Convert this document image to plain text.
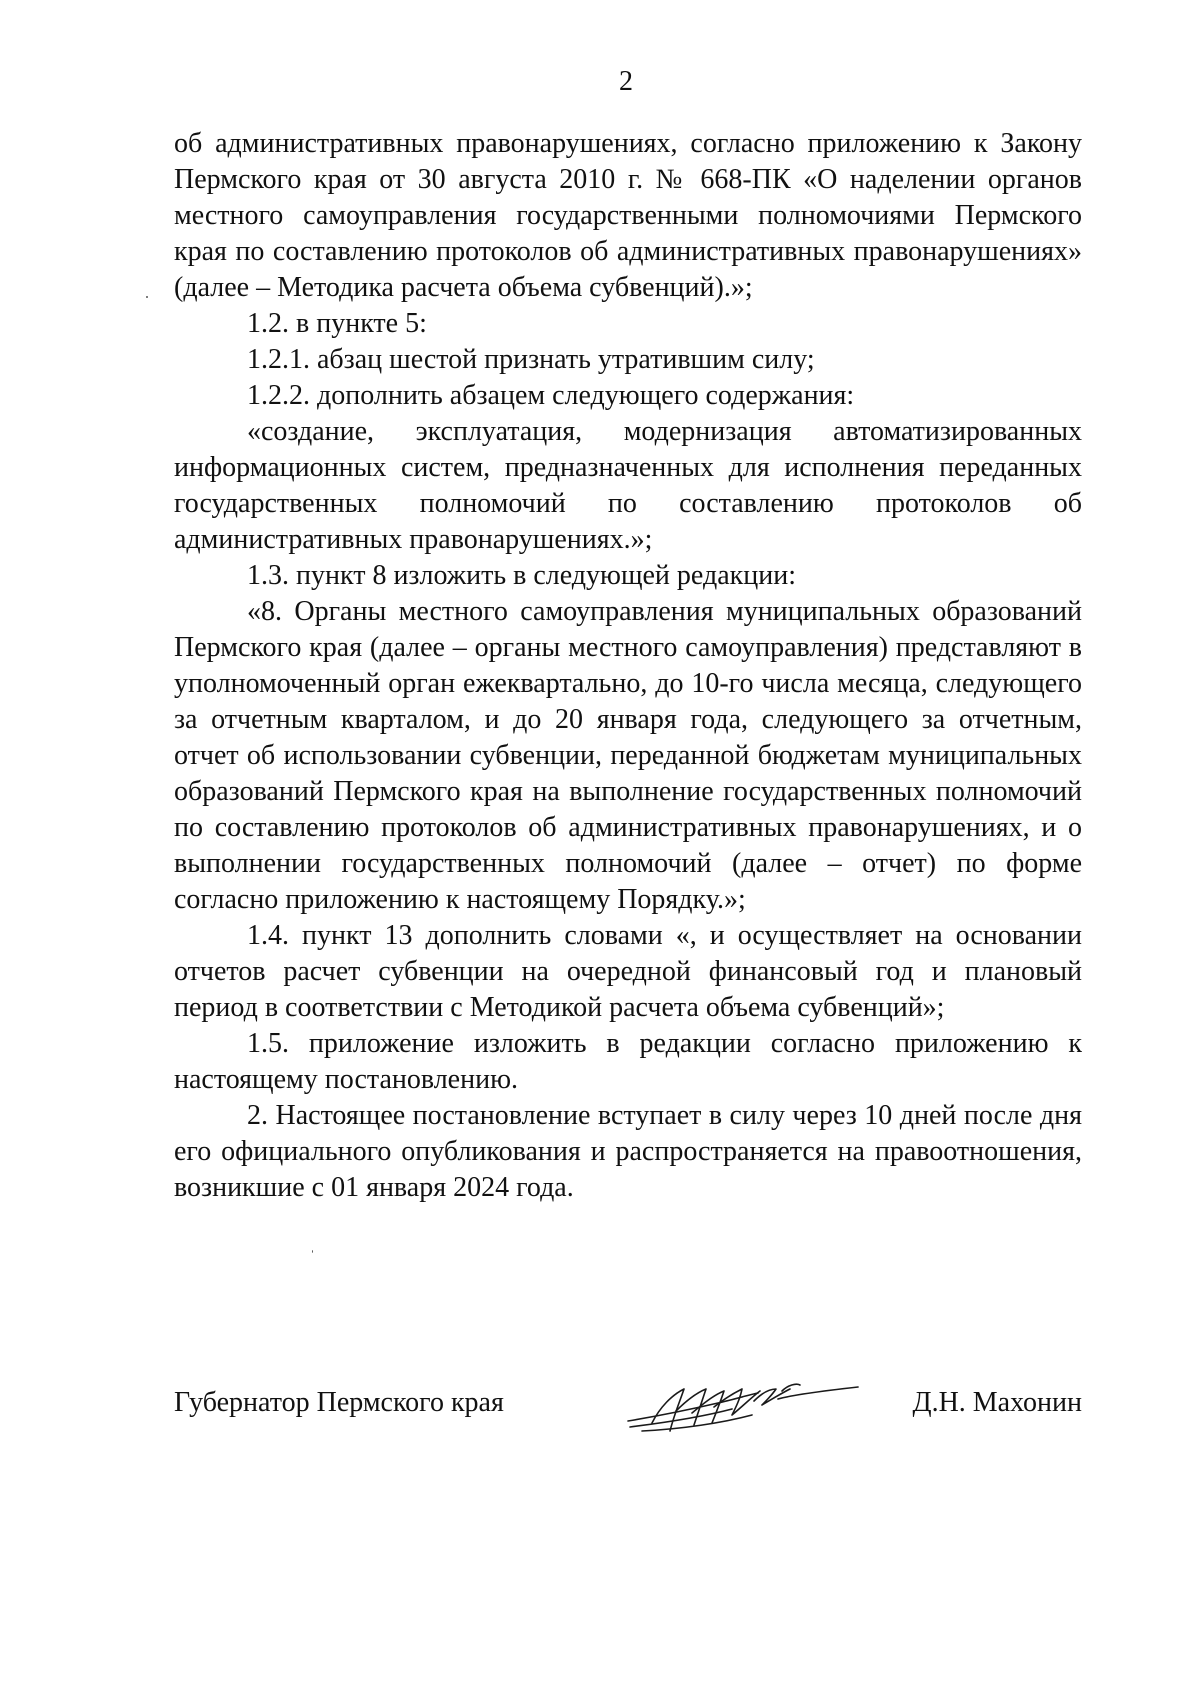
2

об административных правонарушениях, согласно приложению к Закону Пермского края от 30 августа 2010 г. № 668-ПК «О наделении органов местного самоуправления государственными полномочиями Пермского края по составлению протоколов об административных правонарушениях» (далее – Методика расчета объема субвенций).»;

1.2. в пункте 5:

1.2.1. абзац шестой признать утратившим силу;

1.2.2. дополнить абзацем следующего содержания:

«создание, эксплуатация, модернизация автоматизированных информационных систем, предназначенных для исполнения переданных государственных полномочий по составлению протоколов об административных правонарушениях.»;

1.3. пункт 8 изложить в следующей редакции:

«8. Органы местного самоуправления муниципальных образований Пермского края (далее – органы местного самоуправления) представляют в уполномоченный орган ежеквартально, до 10-го числа месяца, следующего за отчетным кварталом, и до 20 января года, следующего за отчетным, отчет об использовании субвенции, переданной бюджетам муниципальных образований Пермского края на выполнение государственных полномочий по составлению протоколов об административных правонарушениях, и о выполнении государственных полномочий (далее – отчет) по форме согласно приложению к настоящему Порядку.»;

1.4. пункт 13 дополнить словами «, и осуществляет на основании отчетов расчет субвенции на очередной финансовый год и плановый период в соответствии с Методикой расчета объема субвенций»;

1.5. приложение изложить в редакции согласно приложению к настоящему постановлению.

2. Настоящее постановление вступает в силу через 10 дней после дня его официального опубликования и распространяется на правоотношения, возникшие с 01 января 2024 года.

Губернатор Пермского края	Д.Н. Махонин
